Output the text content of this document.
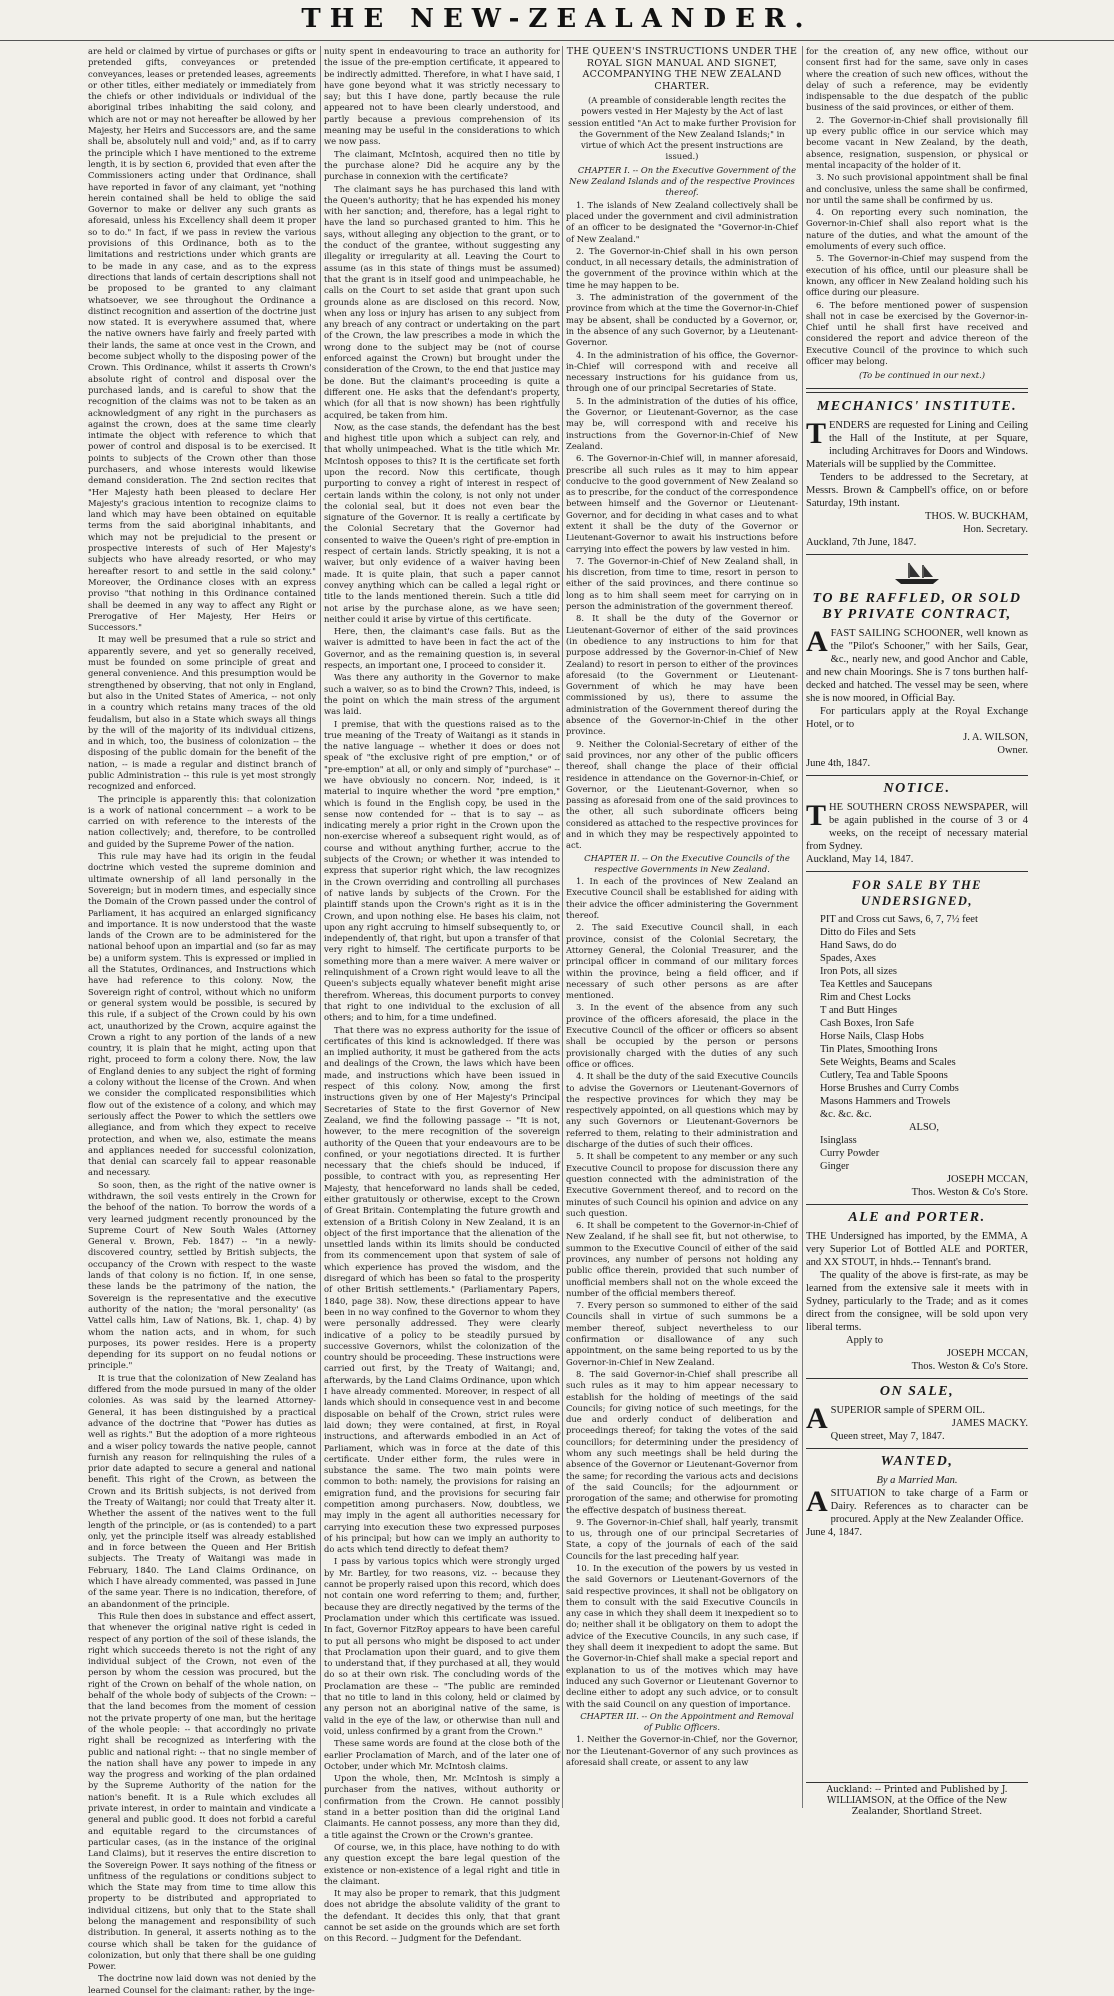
THE NEW-ZEALANDER.

are held or claimed by virtue of purchases or gifts or pretended gifts, conveyances or pretended conveyances, leases or pretended leases, agreements or other titles, either mediately or immediately from the chiefs or other individuals or individual of the aboriginal tribes inhabiting the said colony, and which are not or may not hereafter be allowed by her Majesty, her Heirs and Successors are, and the same shall be, absolutely null and void;" and, as if to carry the principle which I have mentioned to the extreme length, it is by section 6, provided that even after the Commissioners acting under that Ordinance, shall have reported in favor of any claimant, yet "nothing herein contained shall be held to oblige the said Governor to make or deliver any such grants as aforesaid, unless his Excellency shall deem it proper so to do." In fact, if we pass in review the various provisions of this Ordinance, both as to the limitations and restrictions under which grants are to be made in any case, and as to the express directions that lands of certain descriptions shall not be proposed to be granted to any claimant whatsoever, we see throughout the Ordinance a distinct recognition and assertion of the doctrine just now stated. It is everywhere assumed that, where the native owners have fairly and freely parted with their lands, the same at once vest in the Crown, and become subject wholly to the disposing power of the Crown. This Ordinance, whilst it asserts th Crown's absolute right of control and disposal over the purchased lands, and is careful to show that the recognition of the claims was not to be taken as an acknowledgment of any right in the purchasers as against the crown, does at the same time clearly intimate the object with reference to which that power of control and disposal is to be exercised. It points to subjects of the Crown other than those purchasers, and whose interests would likewise demand consideration. The 2nd section recites that "Her Majesty hath been pleased to declare Her Majesty's gracious intention to recognize claims to land which may have been obtained on equitable terms from the said aboriginal inhabitants, and which may not be prejudicial to the present or prospective interests of such of Her Majesty's subjects who have already resorted, or who may hereafter resort to and settle in the said colony." Moreover, the Ordinance closes with an express proviso "that nothing in this Ordinance contained shall be deemed in any way to affect any Right or Prerogative of Her Majesty, Her Heirs or Successors."

It may well be presumed that a rule so strict and apparently severe, and yet so generally received, must be founded on some principle of great and general convenience. And this presumption would be strengthened by observing, that not only in England, but also in the United States of America, -- not only in a country which retains many traces of the old feudalism, but also in a State which sways all things by the will of the majority of its individual citizens, and in which, too, the business of colonization -- the disposing of the public domain for the benefit of the nation, -- is made a regular and distinct branch of public Administration -- this rule is yet most strongly recognized and enforced.

The principle is apparently this: that colonization is a work of national concernment -- a work to be carried on with reference to the interests of the nation collectively; and, therefore, to be controlled and guided by the Supreme Power of the nation.

This rule may have had its origin in the feudal doctrine which vested the supreme dominion and ultimate ownership of all land personally in the Sovereign; but in modern times, and especially since the Domain of the Crown passed under the control of Parliament, it has acquired an enlarged significancy and importance. It is now understood that the waste lands of the Crown are to be administered for the national behoof upon an impartial and (so far as may be) a uniform system. This is expressed or implied in all the Statutes, Ordinances, and Instructions which have had reference to this colony. Now, the Sovereign right of control, without which no uniform or general system would be possible, is secured by this rule, if a subject of the Crown could by his own act, unauthorized by the Crown, acquire against the Crown a right to any portion of the lands of a new country, it is plain that he might, acting upon that right, proceed to form a colony there. Now, the law of England denies to any subject the right of forming a colony without the license of the Crown. And when we consider the complicated responsibilities which flow out of the existence of a colony, and which may seriously affect the Power to which the settlers owe allegiance, and from which they expect to receive protection, and when we, also, estimate the means and appliances needed for successful colonization, that denial can scarcely fail to appear reasonable and necessary.

So soon, then, as the right of the native owner is withdrawn, the soil vests entirely in the Crown for the behoof of the nation. To borrow the words of a very learned judgment recently pronounced by the Supreme Court of New South Wales (Attorney General v. Brown, Feb. 1847) -- "in a newly-discovered country, settled by British subjects, the occupancy of the Crown with respect to the waste lands of that colony is no fiction. If, in one sense, these lands be the patrimony of the nation, the Sovereign is the representative and the executive authority of the nation; the 'moral personality' (as Vattel calls him, Law of Nations, Bk. 1, chap. 4) by whom the nation acts, and in whom, for such purposes, its power resides. Here is a property depending for its support on no feudal notions or principle."

It is true that the colonization of New Zealand has differed from the mode pursued in many of the older colonies. As was said by the learned Attorney-General, it has been distinguished by a practical advance of the doctrine that "Power has duties as well as rights." But the adoption of a more righteous and a wiser policy towards the native people, cannot furnish any reason for relinquishing the rules of a prior date adapted to secure a general and national benefit. This right of the Crown, as between the Crown and its British subjects, is not derived from the Treaty of Waitangi; nor could that Treaty alter it. Whether the assent of the natives went to the full length of the principle, or (as is contended) to a part only, yet the principle itself was already established and in force between the Queen and Her British subjects. The Treaty of Waitangi was made in February, 1840. The Land Claims Ordinance, on which I have already commented, was passed in June of the same year. There is no indication, therefore, of an abandonment of the principle.

This Rule then does in substance and effect assert, that whenever the original native right is ceded in respect of any portion of the soil of these islands, the right which succeeds thereto is not the right of any individual subject of the Crown, not even of the person by whom the cession was procured, but the right of the Crown on behalf of the whole nation, on behalf of the whole body of subjects of the Crown: -- that the land becomes from the moment of cession not the private property of one man, but the heritage of the whole people: -- that accordingly no private right shall be recognized as interfering with the public and national right: -- that no single member of the nation shall have any power to impede in any way the progress and working of the plan ordained by the Supreme Authority of the nation for the nation's benefit. It is a Rule which excludes all private interest, in order to maintain and vindicate a general and public good. It does not forbid a careful and equitable regard to the circumstances of particular cases, (as in the instance of the original Land Claims), but it reserves the entire discretion to the Sovereign Power. It says nothing of the fitness or unfitness of the regulations or conditions subject to which the State may from time to time allow this property to be distributed and appropriated to individual citizens, but only that to the State shall belong the management and responsibility of such distribution. In general, it asserts nothing as to the course which shall be taken for the guidance of colonization, but only that there shall be one guiding Power.

The doctrine now laid down was not denied by the learned Counsel for the claimant: rather, by the inge-

nuity spent in endeavouring to trace an authority for the issue of the pre-emption certificate, it appeared to be indirectly admitted. Therefore, in what I have said, I have gone beyond what it was strictly necessary to say; but this I have done, partly because the rule appeared not to have been clearly understood, and partly because a previous comprehension of its meaning may be useful in the considerations to which we now pass.

The claimant, McIntosh, acquired then no title by the purchase alone? Did he acquire any by the purchase in connexion with the certificate?

The claimant says he has purchased this land with the Queen's authority; that he has expended his money with her sanction; and, therefore, has a legal right to have the land so purchased granted to him. This he says, without alleging any objection to the grant, or to the conduct of the grantee, without suggesting any illegality or irregularity at all. Leaving the Court to assume (as in this state of things must be assumed) that the grant is in itself good and unimpeachable, he calls on the Court to set aside that grant upon such grounds alone as are disclosed on this record. Now, when any loss or injury has arisen to any subject from any breach of any contract or undertaking on the part of the Crown, the law prescribes a mode in which the wrong done to the subject may be (not of course enforced against the Crown) but brought under the consideration of the Crown, to the end that justice may be done. But the claimant's proceeding is quite a different one. He asks that the defendant's property, which (for all that is now shown) has been rightfully acquired, be taken from him.

Now, as the case stands, the defendant has the best and highest title upon which a subject can rely, and that wholly unimpeached. What is the title which Mr. McIntosh opposes to this? It is the certificate set forth upon the record. Now this certificate, though purporting to convey a right of interest in respect of certain lands within the colony, is not only not under the colonial seal, but it does not even bear the signature of the Governor. It is really a certificate by the Colonial Secretary that the Governor had consented to waive the Queen's right of pre-emption in respect of certain lands. Strictly speaking, it is not a waiver, but only evidence of a waiver having been made. It is quite plain, that such a paper cannot convey anything which can be called a legal right or title to the lands mentioned therein. Such a title did not arise by the purchase alone, as we have seen; neither could it arise by virtue of this certificate.

Here, then, the claimant's case fails. But as the waiver is admitted to have been in fact the act of the Governor, and as the remaining question is, in several respects, an important one, I proceed to consider it.

Was there any authority in the Governor to make such a waiver, so as to bind the Crown? This, indeed, is the point on which the main stress of the argument was laid.

I premise, that with the questions raised as to the true meaning of the Treaty of Waitangi as it stands in the native language -- whether it does or does not speak of "the exclusive right of pre emption," or of "pre-emption" at all, or only and simply of "purchase" -- we have obviously no concern. Nor, indeed, is it material to inquire whether the word "pre emption," which is found in the English copy, be used in the sense now contended for -- that is to say -- as indicating merely a prior right in the Crown upon the non-exercise whereof a subsequent right would, as of course and without anything further, accrue to the subjects of the Crown; or whether it was intended to express that superior right which, the law recognizes in the Crown overriding and controlling all purchases of native lands by subjects of the Crown. For the plaintiff stands upon the Crown's right as it is in the Crown, and upon nothing else. He bases his claim, not upon any right accruing to himself subsequently to, or independently of, that right, but upon a transfer of that very right to himself. The certificate purports to be something more than a mere waiver. A mere waiver or relinquishment of a Crown right would leave to all the Queen's subjects equally whatever benefit might arise therefrom. Whereas, this document purports to convey that right to one individual to the exclusion of all others; and to him, for a time undefined.

That there was no express authority for the issue of certificates of this kind is acknowledged. If there was an implied authority, it must be gathered from the acts and dealings of the Crown, the laws which have been made, and instructions which have been issued in respect of this colony. Now, among the first instructions given by one of Her Majesty's Principal Secretaries of State to the first Governor of New Zealand, we find the following passage -- "It is not, however, to the mere recognition of the sovereign authority of the Queen that your endeavours are to be confined, or your negotiations directed. It is further necessary that the chiefs should be induced, if possible, to contract with you, as representing Her Majesty, that henceforward no lands shall be ceded, either gratuitously or otherwise, except to the Crown of Great Britain. Contemplating the future growth and extension of a British Colony in New Zealand, it is an object of the first importance that the alienation of the unsettled lands within its limits should be conducted from its commencement upon that system of sale of which experience has proved the wisdom, and the disregard of which has been so fatal to the prosperity of other British settlements." (Parliamentary Papers, 1840, page 38). Now, these directions appear to have been in no way confined to the Governor to whom they were personally addressed. They were clearly indicative of a policy to be steadily pursued by successive Governors, whilst the colonization of the country should be proceeding. These instructions were carried out first, by the Treaty of Waitangi; and, afterwards, by the Land Claims Ordinance, upon which I have already commented. Moreover, in respect of all lands which should in consequence vest in and become disposable on behalf of the Crown, strict rules were laid down; they were contained, at first, in Royal instructions, and afterwards embodied in an Act of Parliament, which was in force at the date of this certificate. Under either form, the rules were in substance the same. The two main points were common to both: namely, the provisions for raising an emigration fund, and the provisions for securing fair competition among purchasers. Now, doubtless, we may imply in the agent all authorities necessary for carrying into execution these two expressed purposes of his principal; but how can we imply an authority to do acts which tend directly to defeat them?

I pass by various topics which were strongly urged by Mr. Bartley, for two reasons, viz. -- because they cannot be properly raised upon this record, which does not contain one word referring to them; and, further, because they are directly negatived by the terms of the Proclamation under which this certificate was issued. In fact, Governor FitzRoy appears to have been careful to put all persons who might be disposed to act under that Proclamation upon their guard, and to give them to understand that, if they purchased at all, they would do so at their own risk. The concluding words of the Proclamation are these -- "The public are reminded that no title to land in this colony, held or claimed by any person not an aboriginal native of the same, is valid in the eye of the law, or otherwise than null and void, unless confirmed by a grant from the Crown."

These same words are found at the close both of the earlier Proclamation of March, and of the later one of October, under which Mr. McIntosh claims.

Upon the whole, then, Mr. McIntosh is simply a purchaser from the natives, without authority or confirmation from the Crown. He cannot possibly stand in a better position than did the original Land Claimants. He cannot possess, any more than they did, a title against the Crown or the Crown's grantee.

Of course, we, in this place, have nothing to do with any question except the bare legal question of the existence or non-existence of a legal right and title in the claimant.

It may also be proper to remark, that this judgment does not abridge the absolute validity of the grant to the defendant. It decides this only, that that grant cannot be set aside on the grounds which are set forth on this Record. -- Judgment for the Defendant.

THE QUEEN'S INSTRUCTIONS UNDER THE ROYAL SIGN MANUAL AND SIGNET, ACCOMPANYING THE NEW ZEALAND CHARTER.

(A preamble of considerable length recites the powers vested in Her Majesty by the Act of last session entitled "An Act to make further Provision for the Government of the New Zealand Islands;" in virtue of which Act the present instructions are issued.)

CHAPTER I. -- On the Executive Government of the New Zealand Islands and of the respective Provinces thereof.

1. The islands of New Zealand collectively shall be placed under the government and civil administration of an officer to be designated the "Governor-in-Chief of New Zealand."

2. The Governor-in-Chief shall in his own person conduct, in all necessary details, the administration of the government of the province within which at the time he may happen to be.

3. The administration of the government of the province from which at the time the Governor-in-Chief may be absent, shall be conducted by a Governor, or, in the absence of any such Governor, by a Lieutenant-Governor.

4. In the administration of his office, the Governor-in-Chief will correspond with and receive all necessary instructions for his guidance from us, through one of our principal Secretaries of State.

5. In the administration of the duties of his office, the Governor, or Lieutenant-Governor, as the case may be, will correspond with and receive his instructions from the Governor-in-Chief of New Zealand.

6. The Governor-in-Chief will, in manner aforesaid, prescribe all such rules as it may to him appear conducive to the good government of New Zealand so as to prescribe, for the conduct of the correspondence between himself and the Governor or Lieutenant-Governor, and for deciding in what cases and to what extent it shall be the duty of the Governor or Lieutenant-Governor to await his instructions before carrying into effect the powers by law vested in him.

7. The Governor-in-Chief of New Zealand shall, in his discretion, from time to time, resort in person to either of the said provinces, and there continue so long as to him shall seem meet for carrying on in person the administration of the government thereof.

8. It shall be the duty of the Governor or Lieutenant-Governor of either of the said provinces (in obedience to any instructions to him for that purpose addressed by the Governor-in-Chief of New Zealand) to resort in person to either of the provinces aforesaid (to the Government or Lieutenant-Government of which he may have been commissioned by us), there to assume the administration of the Government thereof during the absence of the Governor-in-Chief in the other province.

9. Neither the Colonial-Secretary of either of the said provinces, nor any other of the public officers thereof, shall change the place of their official residence in attendance on the Governor-in-Chief, or Governor, or the Lieutenant-Governor, when so passing as aforesaid from one of the said provinces to the other, all such subordinate officers being considered as attached to the respective provinces for and in which they may be respectively appointed to act.

CHAPTER II. -- On the Executive Councils of the respective Governments in New Zealand.

1. In each of the provinces of New Zealand an Executive Council shall be established for aiding with their advice the officer administering the Government thereof.

2. The said Executive Council shall, in each province, consist of the Colonial Secretary, the Attorney General, the Colonial Treasurer, and the principal officer in command of our military forces within the province, being a field officer, and if necessary of such other persons as are after mentioned.

3. In the event of the absence from any such province of the officers aforesaid, the place in the Executive Council of the officer or officers so absent shall be occupied by the person or persons provisionally charged with the duties of any such office or offices.

4. It shall be the duty of the said Executive Councils to advise the Governors or Lieutenant-Governors of the respective provinces for which they may be respectively appointed, on all questions which may by any such Governors or Lieutenant-Governors be referred to them, relating to their administration and discharge of the duties of such their offices.

5. It shall be competent to any member or any such Executive Council to propose for discussion there any question connected with the administration of the Executive Government thereof, and to record on the minutes of such Council his opinion and advice on any such question.

6. It shall be competent to the Governor-in-Chief of New Zealand, if he shall see fit, but not otherwise, to summon to the Executive Council of either of the said provinces, any number of persons not holding any public office therein, provided that such number of unofficial members shall not on the whole exceed the number of the official members thereof.

7. Every person so summoned to either of the said Councils shall in virtue of such summons be a member thereof, subject nevertheless to our confirmation or disallowance of any such appointment, on the same being reported to us by the Governor-in-Chief in New Zealand.

8. The said Governor-in-Chief shall prescribe all such rules as it may to him appear necessary to establish for the holding of meetings of the said Councils; for giving notice of such meetings, for the due and orderly conduct of deliberation and proceedings thereof; for taking the votes of the said councillors; for determining under the presidency of whom any such meetings shall be held during the absence of the Governor or Lieutenant-Governor from the same; for recording the various acts and decisions of the said Councils; for the adjournment or prorogation of the same; and otherwise for promoting the effective despatch of business thereat.

9. The Governor-in-Chief shall, half yearly, transmit to us, through one of our principal Secretaries of State, a copy of the journals of each of the said Councils for the last preceding half year.

10. In the execution of the powers by us vested in the said Governors or Lieutenant-Governors of the said respective provinces, it shall not be obligatory on them to consult with the said Executive Councils in any case in which they shall deem it inexpedient so to do; neither shall it be obligatory on them to adopt the advice of the Executive Councils, in any such case, if they shall deem it inexpedient to adopt the same. But the Governor-in-Chief shall make a special report and explanation to us of the motives which may have induced any such Governor or Lieutenant Governor to decline either to adopt any such advice, or to consult with the said Council on any question of importance.

CHAPTER III. -- On the Appointment and Removal of Public Officers.

1. Neither the Governor-in-Chief, nor the Governor, nor the Lieutenant-Governor of any such provinces as aforesaid shall create, or assent to any law

for the creation of, any new office, without our consent first had for the same, save only in cases where the creation of such new offices, without the delay of such a reference, may be evidently indispensable to the due despatch of the public business of the said provinces, or either of them.

2. The Governor-in-Chief shall provisionally fill up every public office in our service which may become vacant in New Zealand, by the death, absence, resignation, suspension, or physical or mental incapacity of the holder of it.

3. No such provisional appointment shall be final and conclusive, unless the same shall be confirmed, nor until the same shall be confirmed by us.

4. On reporting every such nomination, the Governor-in-Chief shall also report what is the nature of the duties, and what the amount of the emoluments of every such office.

5. The Governor-in-Chief may suspend from the execution of his office, until our pleasure shall be known, any officer in New Zealand holding such his office during our pleasure.

6. The before mentioned power of suspension shall not in case be exercised by the Governor-in-Chief until he shall first have received and considered the report and advice thereon of the Executive Council of the province to which such officer may belong.

(To be continued in our next.)

MECHANICS' INSTITUTE.

TENDERS are requested for Lining and Ceiling the Hall of the Institute, at per Square, including Architraves for Doors and Windows. Materials will be supplied by the Committee.

Tenders to be addressed to the Secretary, at Messrs. Brown & Campbell's office, on or before Saturday, 19th instant.

THOS. W. BUCKHAM,

Hon. Secretary.

Auckland, 7th June, 1847.

TO BE RAFFLED, OR SOLD BY PRIVATE CONTRACT,

AFAST SAILING SCHOONER, well known as the "Pilot's Schooner," with her Sails, Gear, &c., nearly new, and good Anchor and Cable, and new chain Moorings. She is 7 tons burthen half-decked and hatched. The vessel may be seen, where she is now moored, in Official Bay.

For particulars apply at the Royal Exchange Hotel, or to

J. A. WILSON,

Owner.

June 4th, 1847.

NOTICE.

THE SOUTHERN CROSS NEWSPAPER, will be again published in the course of 3 or 4 weeks, on the receipt of necessary material from Sydney.

Auckland, May 14, 1847.

FOR SALE BY THE UNDERSIGNED,

PIT and Cross cut Saws, 6, 7, 7½ feet

Ditto do Files and Sets

Hand Saws, do do

Spades, Axes

Iron Pots, all sizes

Tea Kettles and Saucepans

Rim and Chest Locks

T and Butt Hinges

Cash Boxes, Iron Safe

Horse Nails, Clasp Hobs

Tin Plates, Smoothing Irons

Sete Weights, Beams and Scales

Cutlery, Tea and Table Spoons

Horse Brushes and Curry Combs

Masons Hammers and Trowels

&c. &c. &c.

ALSO,

Isinglass

Curry Powder

Ginger

JOSEPH MCCAN,

Thos. Weston & Co's Store.

ALE and PORTER.

THE Undersigned has imported, by the EMMA, A very Superior Lot of Bottled ALE and PORTER, and XX STOUT, in hhds.-- Tennant's brand.

The quality of the above is first-rate, as may be learned from the extensive sale it meets with in Sydney, particularly to the Trade; and as it comes direct from the consignee, will be sold upon very liberal terms.

Apply to

JOSEPH MCCAN,

Thos. Weston & Co's Store.

ON SALE,

ASUPERIOR sample of SPERM OIL.

JAMES MACKY.

Queen street, May 7, 1847.

WANTED,

By a Married Man.

ASITUATION to take charge of a Farm or Dairy. References as to character can be procured. Apply at the New Zealander Office.

June 4, 1847.

Auckland: -- Printed and Published by J. WILLIAMSON, at the Office of the New Zealander, Shortland Street.
